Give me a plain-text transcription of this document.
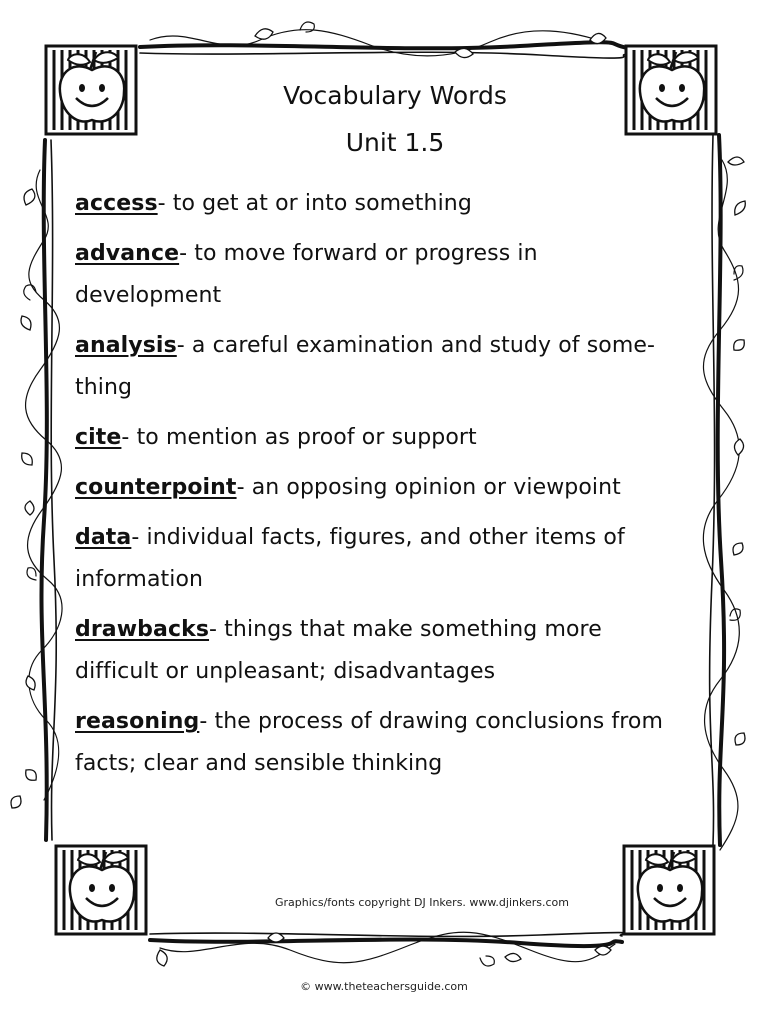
Vocabulary Words
Unit 1.5
access- to get at or into something
advance- to move forward or progress in development
analysis- a careful examination and study of some-thing
cite- to mention as proof or support
counterpoint- an opposing opinion or viewpoint
data- individual facts, figures, and other items of information
drawbacks- things that make something more difficult or unpleasant; disadvantages
reasoning- the process of drawing conclusions from facts; clear and sensible thinking
Graphics/fonts copyright DJ Inkers. www.djinkers.com
© www.theteachersguide.com
